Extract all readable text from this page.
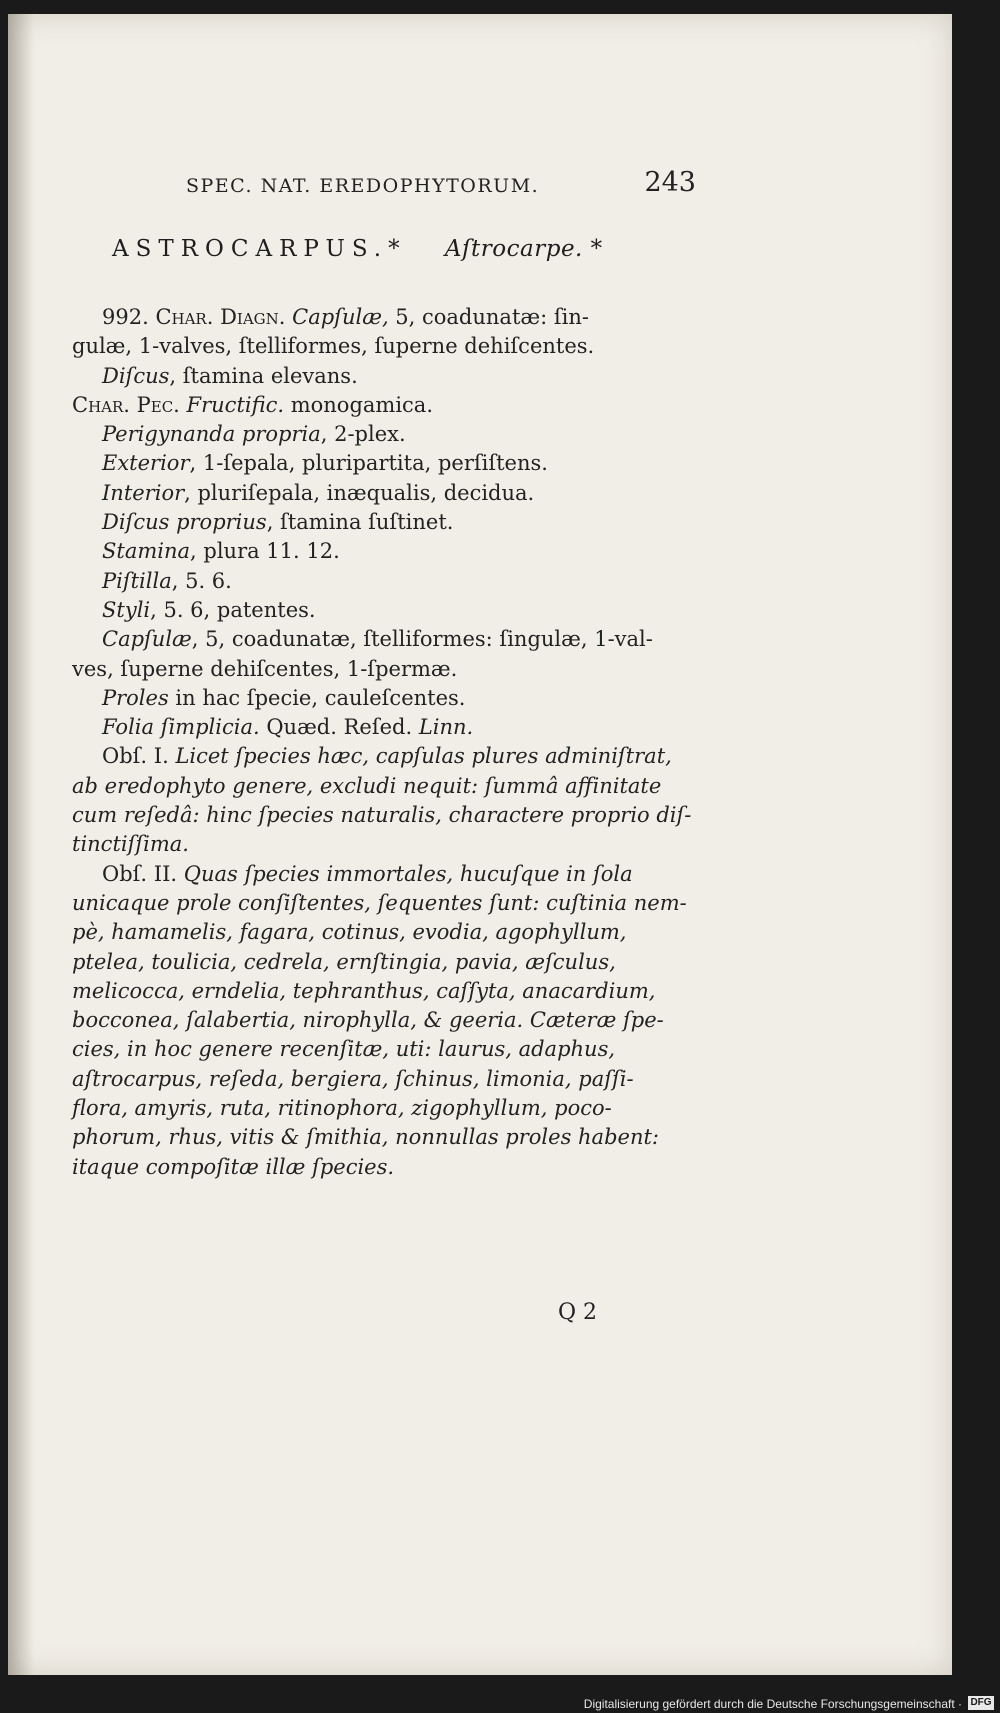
SPEC. NAT. EREDOPHYTORUM.	243
ASTROCARPUS.* Aſtrocarpe. *
992. Char. Diagn. Capſulæ, 5, coadunatæ: ſin-
gulæ, 1-valves, ſtelliformes, ſuperne dehiſcentes.
Diſcus, ſtamina elevans.
Char. Pec. Fructific. monogamica.
Perigynanda propria, 2-plex.
Exterior, 1-ſepala, pluripartita, perſiſtens.
Interior, pluriſepala, inæqualis, decidua.
Diſcus proprius, ſtamina ſuſtinet.
Stamina, plura 11. 12.
Piſtilla, 5. 6.
Styli, 5. 6, patentes.
Capſulæ, 5, coadunatæ, ſtelliformes: ſingulæ, 1-val-
ves, ſuperne dehiſcentes, 1-ſpermæ.
Proles in hac ſpecie, cauleſcentes.
Folia ſimplicia. Quæd. Reſed. Linn.
Obſ. I. Licet ſpecies hæc, capſulas plures adminiſtrat,
ab eredophyto genere, excludi nequit: ſummâ affinitate
cum reſedâ: hinc ſpecies naturalis, charactere proprio diſ-
tinctiſſima.
Obſ. II. Quas ſpecies immortales, hucuſque in ſola
unicaque prole conſiſtentes, ſequentes ſunt: cuſtinia nem-
pè, hamamelis, fagara, cotinus, evodia, agophyllum,
ptelea, toulicia, cedrela, ernſtingia, pavia, æſculus,
melicocca, erndelia, tephranthus, caſſyta, anacardium,
bocconea, ſalabertia, nirophylla, & geeria. Cæteræ ſpe-
cies, in hoc genere recenſitæ, uti: laurus, adaphus,
aſtrocarpus, reſeda, bergiera, ſchinus, limonia, paſſi-
flora, amyris, ruta, ritinophora, zigophyllum, poco-
phorum, rhus, vitis & ſmithia, nonnullas proles habent:
itaque compoſitæ illæ ſpecies.
Q 2
Digitalisierung gefördert durch die Deutsche Forschungsgemeinschaft · DFG
